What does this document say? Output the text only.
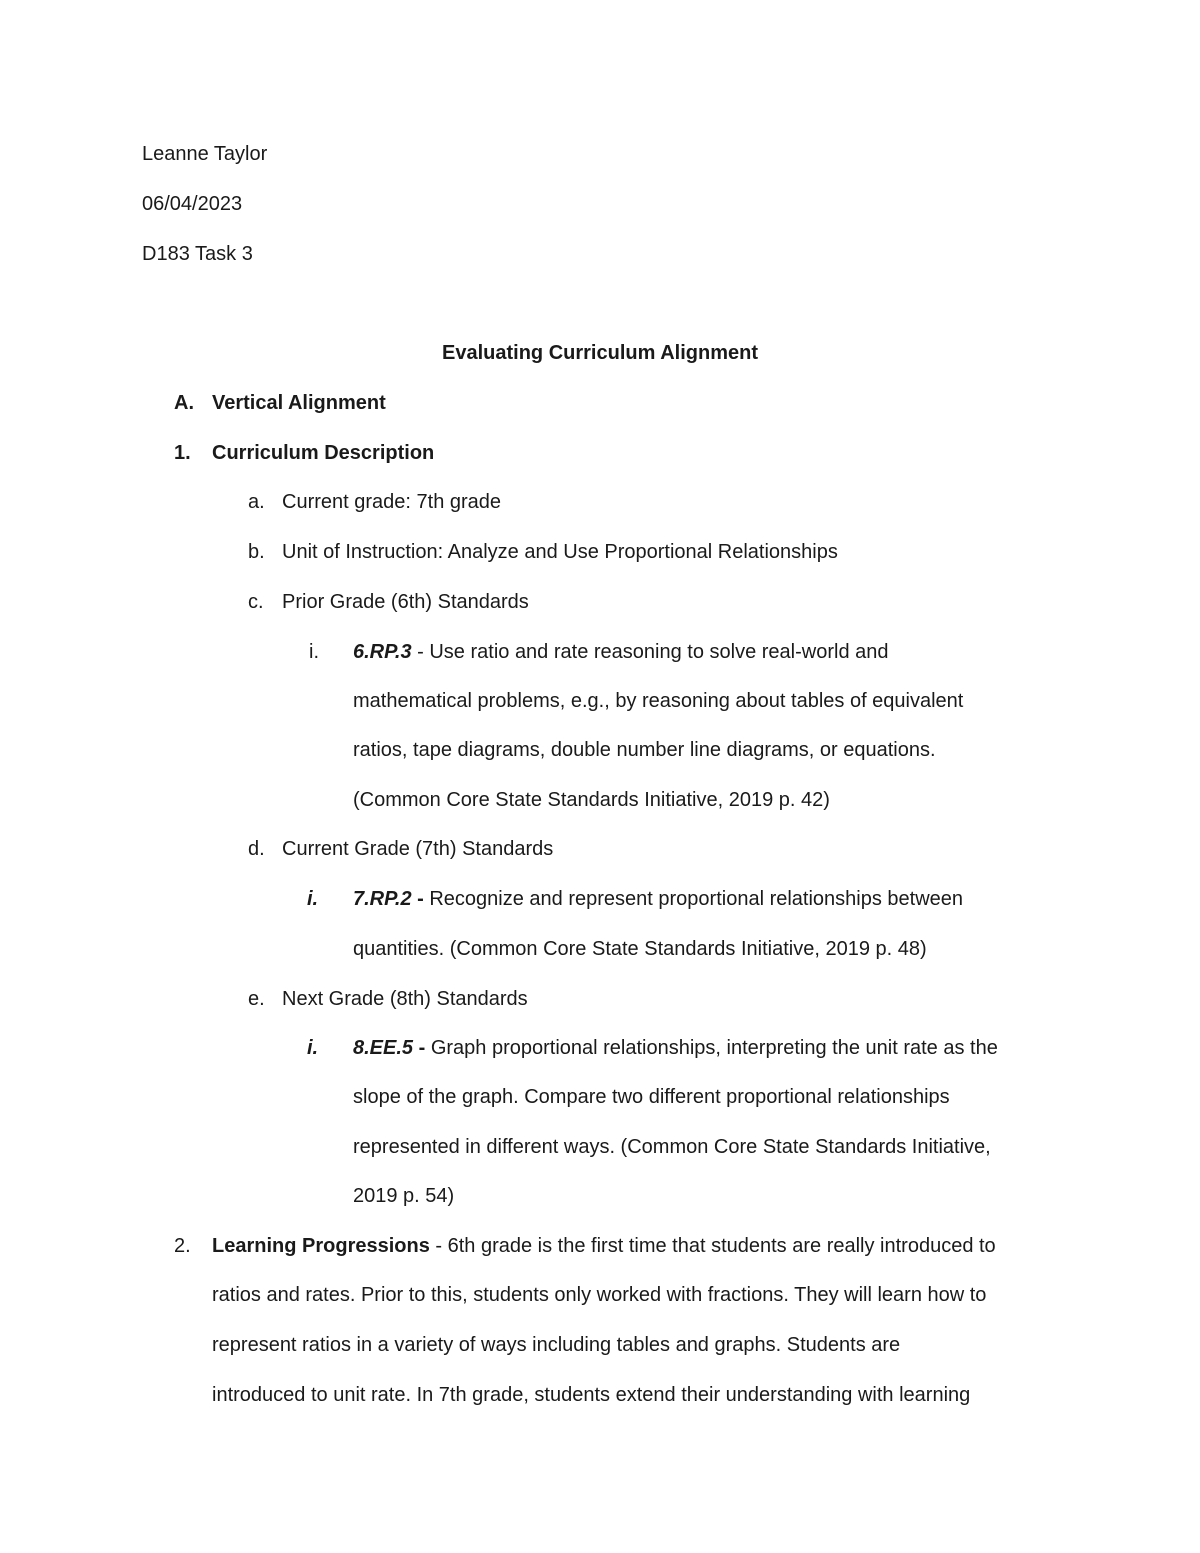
Leanne Taylor
06/04/2023
D183 Task 3
Evaluating Curriculum Alignment
A. Vertical Alignment
1. Curriculum Description
a. Current grade: 7th grade
b. Unit of Instruction: Analyze and Use Proportional Relationships
c. Prior Grade (6th) Standards
i. 6.RP.3 - Use ratio and rate reasoning to solve real-world and
mathematical problems, e.g., by reasoning about tables of equivalent
ratios, tape diagrams, double number line diagrams, or equations.
(Common Core State Standards Initiative, 2019 p. 42)
d. Current Grade (7th) Standards
i. 7.RP.2 - Recognize and represent proportional relationships between
quantities. (Common Core State Standards Initiative, 2019 p. 48)
e. Next Grade (8th) Standards
i. 8.EE.5 - Graph proportional relationships, interpreting the unit rate as the
slope of the graph. Compare two different proportional relationships
represented in different ways. (Common Core State Standards Initiative,
2019 p. 54)
2. Learning Progressions - 6th grade is the first time that students are really introduced to
ratios and rates. Prior to this, students only worked with fractions. They will learn how to
represent ratios in a variety of ways including tables and graphs. Students are
introduced to unit rate. In 7th grade, students extend their understanding with learning
